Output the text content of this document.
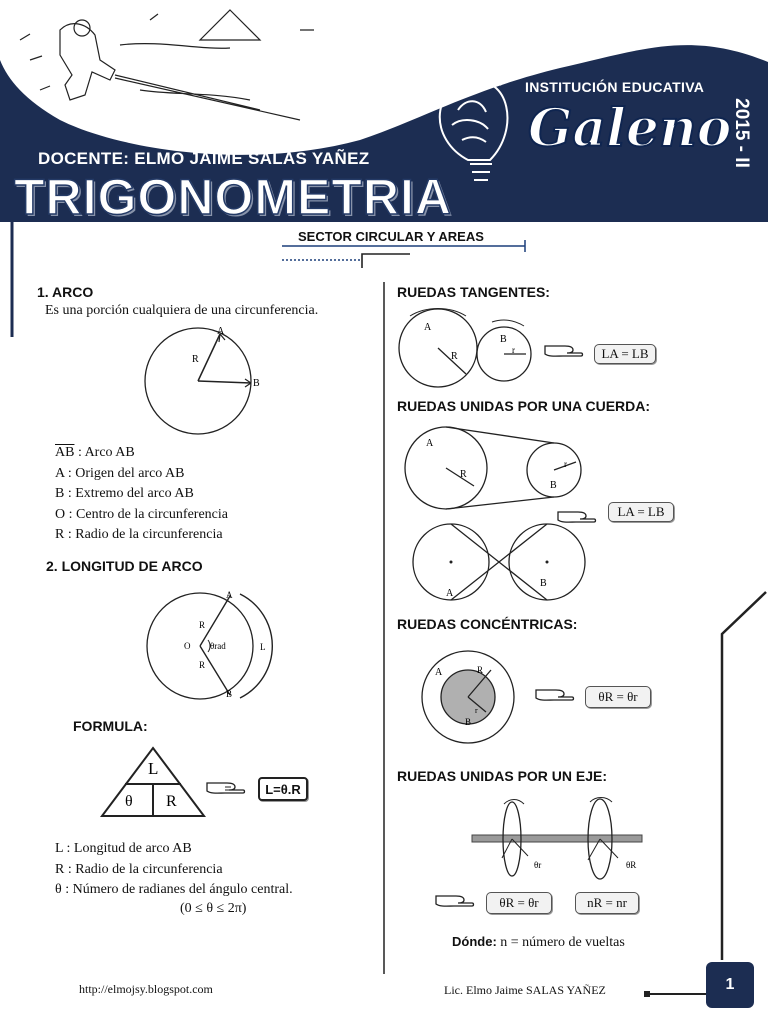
INSTITUCIÓN EDUCATIVA
Galeno 2015 - II
DOCENTE: ELMO JAIME SALAS YAÑEZ
TRIGONOMETRIA
SECTOR CIRCULAR Y AREAS
1. ARCO
Es una porción cualquiera de una circunferencia.
A
B
R
$\overline{AB}$ : Arco AB
A : Origen del arco AB
B : Extremo del arco AB
O : Centro de la circunferencia
R : Radio de la circunferencia
2. LONGITUD DE ARCO
A
B
O
R
R
θrad	L
FORMULA:
L
θ R
L=θ.R
L : Longitud de arco AB
R : Radio de la circunferencia
θ : Número de radianes del ángulo central.
(0 ≤ θ ≤ 2π)
RUEDAS TANGENTES:
A
B
R
r	LA = LB
RUEDAS UNIDAS POR UNA CUERDA:
A
B
R
r
A
B
LA = LB
RUEDAS CONCÉNTRICAS:
A
B
R
r
θR = θr
RUEDAS UNIDAS POR UN EJE:
θr	θR
θR = θr	nR = nr
Dónde: n = número de vueltas
http://elmojsy.blogspot.com	Lic. Elmo Jaime SALAS YAÑEZ	1
